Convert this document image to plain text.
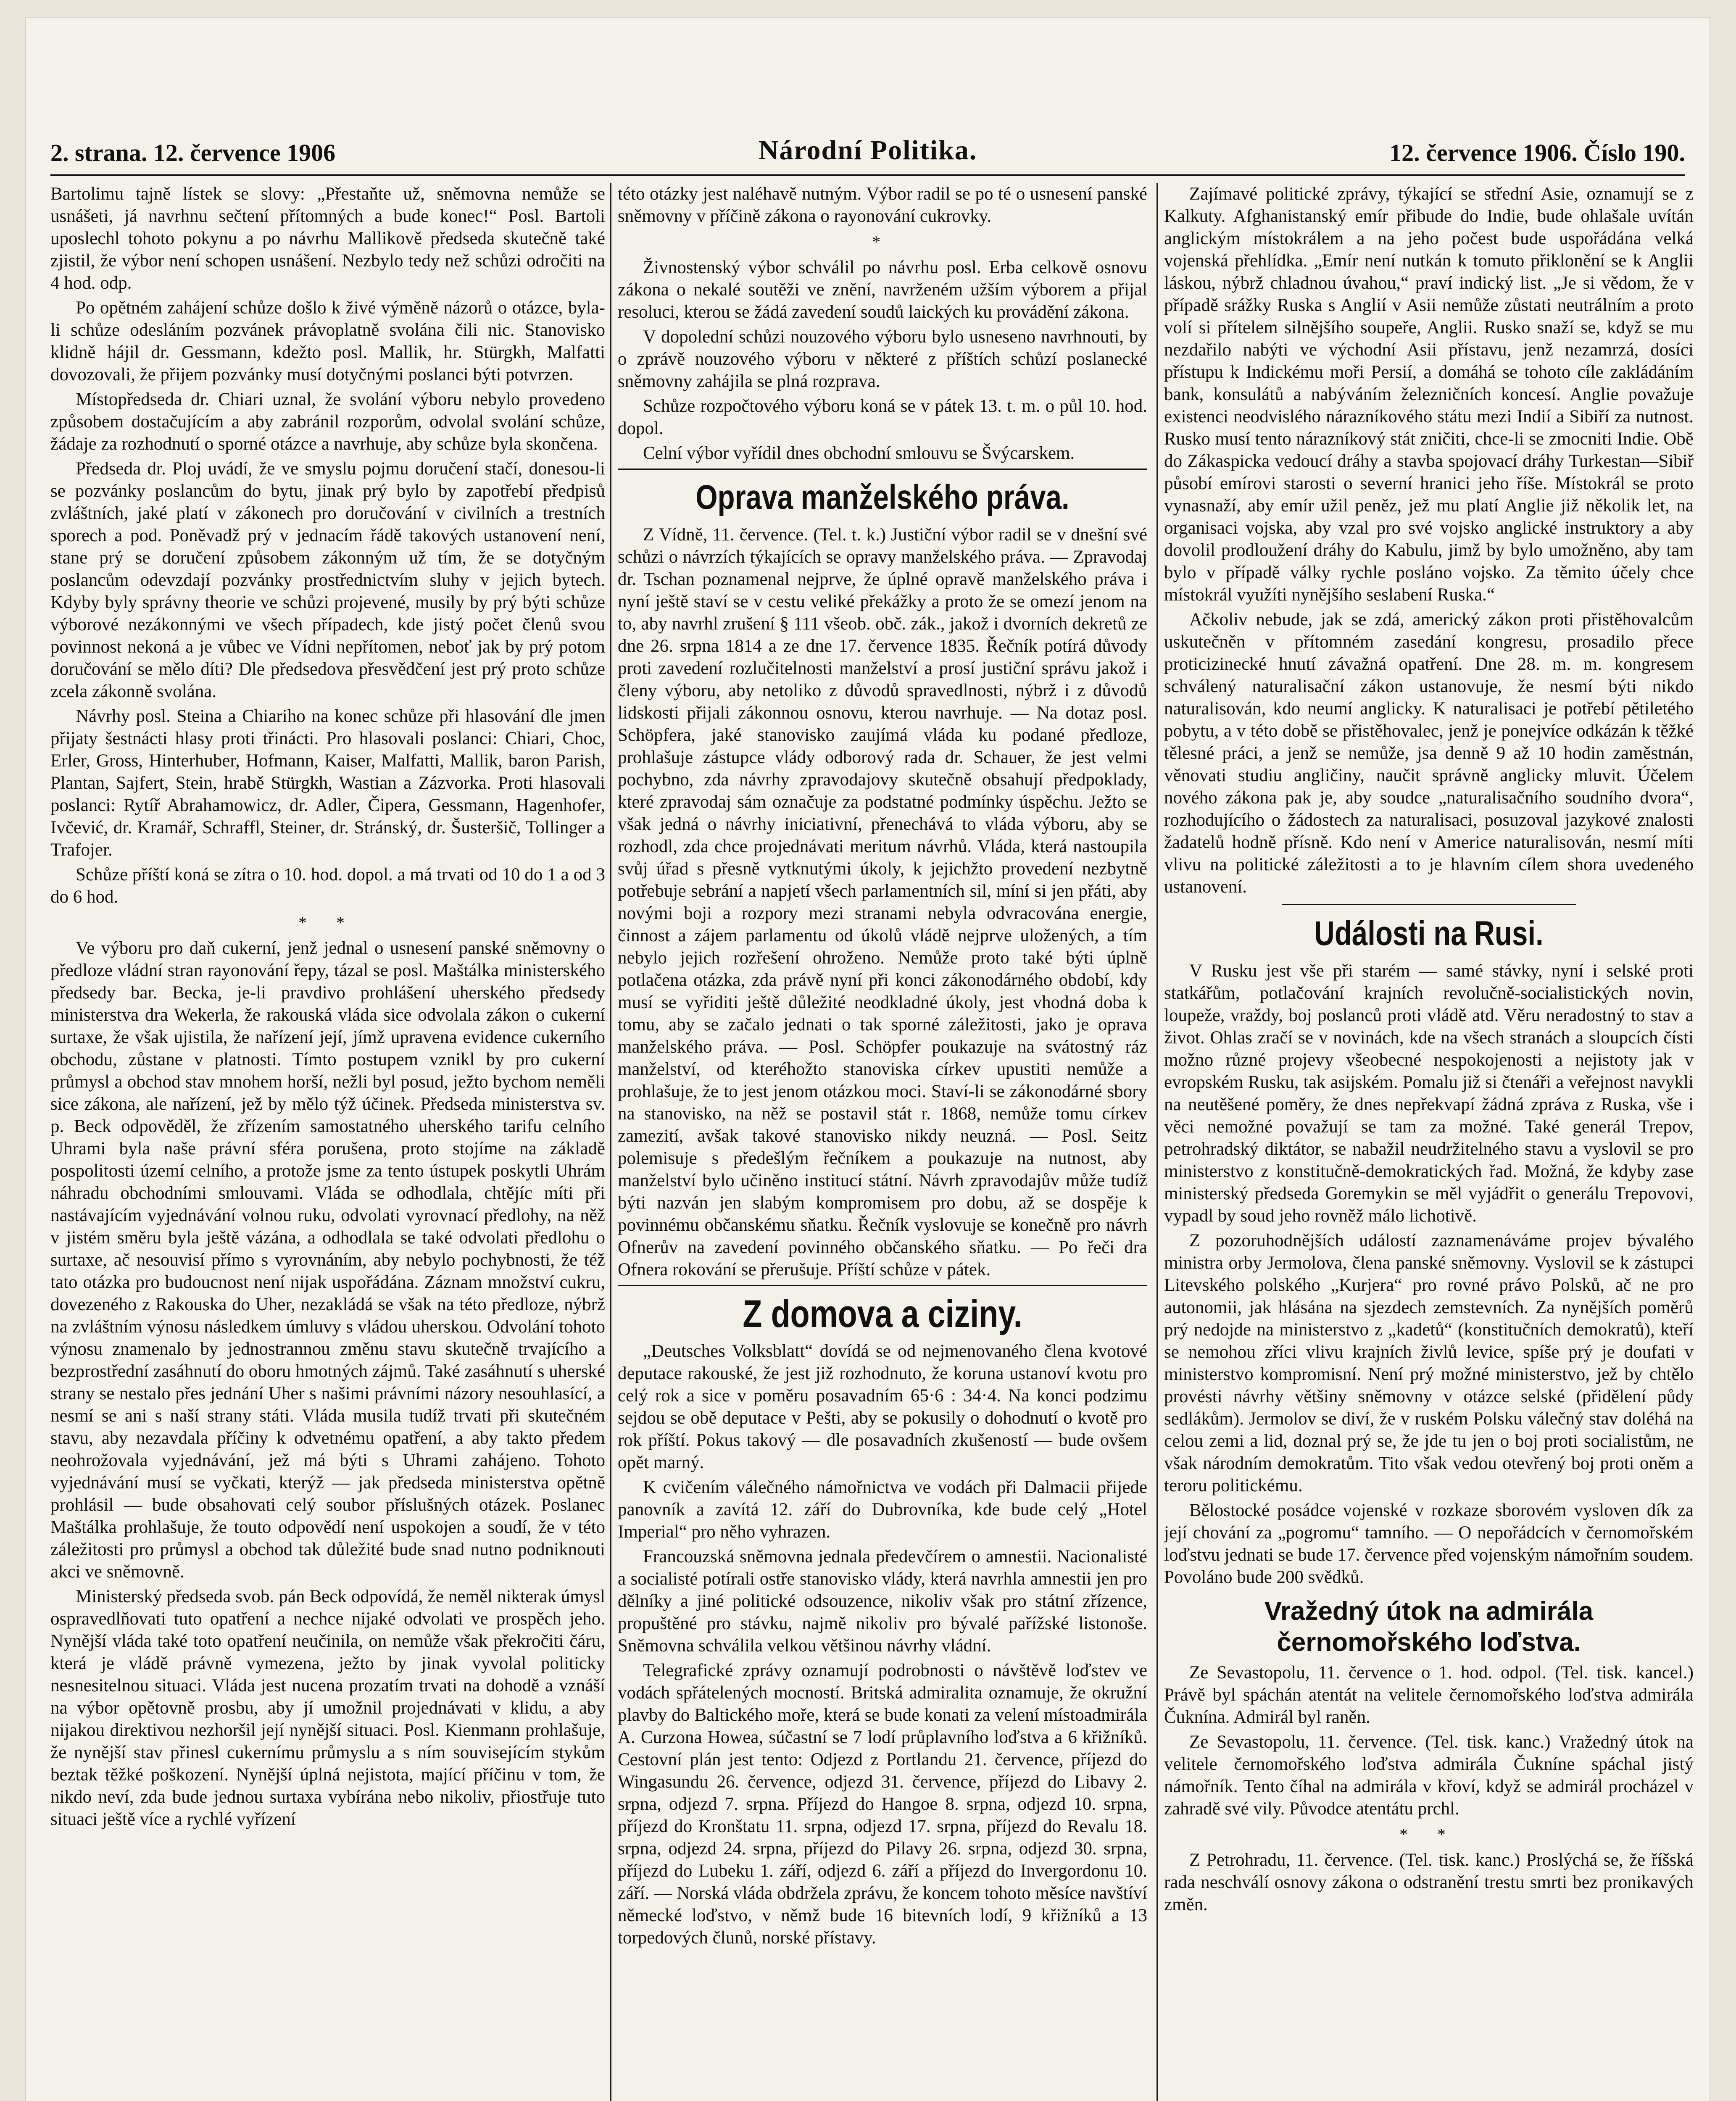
2. strana. 12. července 1906	Národní Politika.	12. července 1906. Číslo 190.

Bartolimu tajně lístek se slovy: „Přestaňte už, sněmovna nemůže se usnášeti, já navrhnu sečtení přítomných a bude konec!“ Posl. Bartoli uposlechl tohoto pokynu a po návrhu Mallikově předseda skutečně také zjistil, že výbor není schopen usnášení. Nezbylo tedy než schůzi odročiti na 4 hod. odp.

Po opětném zahájení schůze došlo k živé výměně názorů o otázce, byla-li schůze odesláním pozvánek právoplatně svolána čili nic. Stanovisko klidně hájil dr. Gessmann, kdežto posl. Mallik, hr. Stürgkh, Malfatti dovozovali, že přijem pozvánky musí dotyčnými poslanci býti potvrzen.

Místopředseda dr. Chiari uznal, že svolání výboru nebylo provedeno způsobem dostačujícím a aby zabránil rozporům, odvolal svolání schůze, žádaje za rozhodnutí o sporné otázce a navrhuje, aby schůze byla skončena.

Předseda dr. Ploj uvádí, že ve smyslu pojmu doručení stačí, donesou-li se pozvánky poslancům do bytu, jinak prý bylo by zapotřebí předpisů zvláštních, jaké platí v zákonech pro doručování v civilních a trestních sporech a pod. Poněvadž prý v jednacím řádě takových ustanovení není, stane prý se doručení způsobem zákonným už tím, že se dotyčným poslancům odevzdají pozvánky prostřednictvím sluhy v jejich bytech. Kdyby byly správny theorie ve schůzi projevené, musily by prý býti schůze výborové nezákonnými ve všech případech, kde jistý počet členů svou povinnost nekoná a je vůbec ve Vídni nepřítomen, neboť jak by prý potom doručování se mělo díti? Dle předsedova přesvědčení jest prý proto schůze zcela zákonně svolána.

Návrhy posl. Steina a Chiariho na konec schůze při hlasování dle jmen přijaty šestnácti hlasy proti třinácti. Pro hlasovali poslanci: Chiari, Choc, Erler, Gross, Hinterhuber, Hofmann, Kaiser, Malfatti, Mallik, baron Parish, Plantan, Sajfert, Stein, hrabě Stürgkh, Wastian a Zázvorka. Proti hlasovali poslanci: Rytíř Abrahamowicz, dr. Adler, Čipera, Gessmann, Hagenhofer, Ivčević, dr. Kramář, Schraffl, Steiner, dr. Stránský, dr. Šusteršič, Tollinger a Trafojer.

Schůze příští koná se zítra o 10. hod. dopol. a má trvati od 10 do 1 a od 3 do 6 hod.

* *

Ve výboru pro daň cukerní, jenž jednal o usnesení panské sněmovny o předloze vládní stran rayonování řepy, tázal se posl. Maštálka ministerského předsedy bar. Becka, je-li pravdivo prohlášení uherského předsedy ministerstva dra Wekerla, že rakouská vláda sice odvolala zákon o cukerní surtaxe, že však ujistila, že nařízení její, jímž upravena evidence cukerního obchodu, zůstane v platnosti. Tímto postupem vznikl by pro cukerní průmysl a obchod stav mnohem horší, nežli byl posud, ježto bychom neměli sice zákona, ale nařízení, jež by mělo týž účinek. Předseda ministerstva sv. p. Beck odpověděl, že zřízením samostatného uherského tarifu celního Uhrami byla naše právní sféra porušena, proto stojíme na základě pospolitosti území celního, a protože jsme za tento ústupek poskytli Uhrám náhradu obchodními smlouvami. Vláda se odhodlala, chtějíc míti při nastávajícím vyjednávání volnou ruku, odvolati vyrovnací předlohy, na něž v jistém směru byla ještě vázána, a odhodlala se také odvolati předlohu o surtaxe, ač nesouvisí přímo s vyrovnáním, aby nebylo pochybnosti, že též tato otázka pro budoucnost není nijak uspořádána. Záznam množství cukru, dovezeného z Rakouska do Uher, nezakládá se však na této předloze, nýbrž na zvláštním výnosu následkem úmluvy s vládou uherskou. Odvolání tohoto výnosu znamenalo by jednostrannou změnu stavu skutečně trvajícího a bezprostřední zasáhnutí do oboru hmotných zájmů. Také zasáhnutí s uherské strany se nestalo přes jednání Uher s našimi právními názory nesouhlasící, a nesmí se ani s naší strany státi. Vláda musila tudíž trvati při skutečném stavu, aby nezavdala příčiny k odvetnému opatření, a aby takto předem neohrožovala vyjednávání, jež má býti s Uhrami zahájeno. Tohoto vyjednávání musí se vyčkati, kterýž — jak předseda ministerstva opětně prohlásil — bude obsahovati celý soubor příslušných otázek. Poslanec Maštálka prohlašuje, že touto odpovědí není uspokojen a soudí, že v této záležitosti pro průmysl a obchod tak důležité bude snad nutno podniknouti akci ve sněmovně.

Ministerský předseda svob. pán Beck odpovídá, že neměl nikterak úmysl ospravedlňovati tuto opatření a nechce nijaké odvolati ve prospěch jeho. Nynější vláda také toto opatření neučinila, on nemůže však překročiti čáru, která je vládě právně vymezena, ježto by jinak vyvolal politicky nesnesitelnou situaci. Vláda jest nucena prozatím trvati na dohodě a vznáší na výbor opětovně prosbu, aby jí umožnil projednávati v klidu, a aby nijakou direktivou nezhoršil její nynější situaci. Posl. Kienmann prohlašuje, že nynější stav přinesl cukernímu průmyslu a s ním souvisejícím stykům beztak těžké poškození. Nynější úplná nejistota, mající příčinu v tom, že nikdo neví, zda bude jednou surtaxa vybírána nebo nikoliv, přiostřuje tuto situaci ještě více a rychlé vyřízení

této otázky jest naléhavě nutným. Výbor radil se po té o usnesení panské sněmovny v příčině zákona o rayonování cukrovky.

*

Živnostenský výbor schválil po návrhu posl. Erba celkově osnovu zákona o nekalé soutěži ve znění, navrženém užším výborem a přijal resoluci, kterou se žádá zavedení soudů laických ku provádění zákona.

V dopolední schůzi nouzového výboru bylo usneseno navrhnouti, by o zprávě nouzového výboru v některé z příštích schůzí poslanecké sněmovny zahájila se plná rozprava.

Schůze rozpočtového výboru koná se v pátek 13. t. m. o půl 10. hod. dopol.

Celní výbor vyřídil dnes obchodní smlouvu se Švýcarskem.

Oprava manželského práva.

Z Vídně, 11. července. (Tel. t. k.) Justiční výbor radil se v dnešní své schůzi o návrzích týkajících se opravy manželského práva. — Zpravodaj dr. Tschan poznamenal nejprve, že úplné opravě manželského práva i nyní ještě staví se v cestu veliké překážky a proto že se omezí jenom na to, aby navrhl zrušení § 111 všeob. obč. zák., jakož i dvorních dekretů ze dne 26. srpna 1814 a ze dne 17. července 1835. Řečník potírá důvody proti zavedení rozlučitelnosti manželství a prosí justiční správu jakož i členy výboru, aby netoliko z důvodů spravedlnosti, nýbrž i z důvodů lidskosti přijali zákonnou osnovu, kterou navrhuje. — Na dotaz posl. Schöpfera, jaké stanovisko zaujímá vláda ku podané předloze, prohlašuje zástupce vlády odborový rada dr. Schauer, že jest velmi pochybno, zda návrhy zpravodajovy skutečně obsahují předpoklady, které zpravodaj sám označuje za podstatné podmínky úspěchu. Ježto se však jedná o návrhy iniciativní, přenechává to vláda výboru, aby se rozhodl, zda chce projednávati meritum návrhů. Vláda, která nastoupila svůj úřad s přesně vytknutými úkoly, k jejichžto provedení nezbytně potřebuje sebrání a napjetí všech parlamentních sil, míní si jen přáti, aby novými boji a rozpory mezi stranami nebyla odvracována energie, činnost a zájem parlamentu od úkolů vládě nejprve uložených, a tím nebylo jejich rozřešení ohroženo. Nemůže proto také býti úplně potlačena otázka, zda právě nyní při konci zákonodárného období, kdy musí se vyřiditi ještě důležité neodkladné úkoly, jest vhodná doba k tomu, aby se začalo jednati o tak sporné záležitosti, jako je oprava manželského práva. — Posl. Schöpfer poukazuje na svátostný ráz manželství, od kteréhožto stanoviska církev upustiti nemůže a prohlašuje, že to jest jenom otázkou moci. Staví-li se zákonodárné sbory na stanovisko, na něž se postavil stát r. 1868, nemůže tomu církev zamezití, avšak takové stanovisko nikdy neuzná. — Posl. Seitz polemisuje s předešlým řečníkem a poukazuje na nutnost, aby manželství bylo učiněno institucí státní. Návrh zpravodajův může tudíž býti nazván jen slabým kompromisem pro dobu, až se dospěje k povinnému občanskému sňatku. Řečník vyslovuje se konečně pro návrh Ofnerův na zavedení povinného občanského sňatku. — Po řeči dra Ofnera rokování se přerušuje. Příští schůze v pátek.

Z domova a ciziny.

„Deutsches Volksblatt“ dovídá se od nejmenovaného člena kvotové deputace rakouské, že jest již rozhodnuto, že koruna ustanoví kvotu pro celý rok a sice v poměru posavadním 65·6 : 34·4. Na konci podzimu sejdou se obě deputace v Pešti, aby se pokusily o dohodnutí o kvotě pro rok příští. Pokus takový — dle posavadních zkušeností — bude ovšem opět marný.

K cvičením válečného námořnictva ve vodách při Dalmacii přijede panovník a zavítá 12. září do Dubrovníka, kde bude celý „Hotel Imperial“ pro něho vyhrazen.

Francouzská sněmovna jednala předevčírem o amnestii. Nacionalisté a socialisté potírali ostře stanovisko vlády, která navrhla amnestii jen pro dělníky a jiné politické odsouzence, nikoliv však pro státní zřízence, propuštěné pro stávku, najmě nikoliv pro bývalé pařížské listonoše. Sněmovna schválila velkou většinou návrhy vládní.

Telegrafické zprávy oznamují podrobnosti o návštěvě loďstev ve vodách spřátelených mocností. Britská admiralita oznamuje, že okružní plavby do Baltického moře, která se bude konati za velení místoadmirála A. Curzona Howea, súčastní se 7 lodí průplavního loďstva a 6 křižníků. Cestovní plán jest tento: Odjezd z Portlandu 21. července, příjezd do Wingasundu 26. července, odjezd 31. července, příjezd do Libavy 2. srpna, odjezd 7. srpna. Příjezd do Hangoe 8. srpna, odjezd 10. srpna, příjezd do Kronštatu 11. srpna, odjezd 17. srpna, příjezd do Revalu 18. srpna, odjezd 24. srpna, příjezd do Pilavy 26. srpna, odjezd 30. srpna, příjezd do Lubeku 1. září, odjezd 6. září a příjezd do Invergordonu 10. září. — Norská vláda obdržela zprávu, že koncem tohoto měsíce navštíví německé loďstvo, v němž bude 16 bitevních lodí, 9 křižníků a 13 torpedových člunů, norské přístavy.

Zajímavé politické zprávy, týkající se střední Asie, oznamují se z Kalkuty. Afghanistanský emír přibude do Indie, bude ohlašale uvítán anglickým místokrálem a na jeho počest bude uspořádána velká vojenská přehlídka. „Emír není nutkán k tomuto přiklonění se k Anglii láskou, nýbrž chladnou úvahou,“ praví indický list. „Je si vědom, že v případě srážky Ruska s Anglií v Asii nemůže zůstati neutrálním a proto volí si přítelem silnějšího soupeře, Anglii. Rusko snaží se, když se mu nezdařilo nabýti ve východní Asii přístavu, jenž nezamrzá, dosíci přístupu k Indickému moři Persií, a domáhá se tohoto cíle zakládáním bank, konsulátů a nabýváním železničních koncesí. Anglie považuje existenci neodvislého nárazníkového státu mezi Indií a Sibiří za nutnost. Rusko musí tento nárazníkový stát zničiti, chce-li se zmocniti Indie. Obě do Zákaspicka vedoucí dráhy a stavba spojovací dráhy Turkestan—Sibiř působí emírovi starosti o severní hranici jeho říše. Místokrál se proto vynasnaží, aby emír užil peněz, jež mu platí Anglie již několik let, na organisaci vojska, aby vzal pro své vojsko anglické instruktory a aby dovolil prodloužení dráhy do Kabulu, jimž by bylo umožněno, aby tam bylo v případě války rychle posláno vojsko. Za těmito účely chce místokrál využíti nynějšího seslabení Ruska.“

Ačkoliv nebude, jak se zdá, americký zákon proti přistěhovalcům uskutečněn v přítomném zasedání kongresu, prosadilo přece proticizinecké hnutí závažná opatření. Dne 28. m. m. kongresem schválený naturalisační zákon ustanovuje, že nesmí býti nikdo naturalisován, kdo neumí anglicky. K naturalisaci je potřebí pětiletého pobytu, a v této době se přistěhovalec, jenž je ponejvíce odkázán k těžké tělesné práci, a jenž se nemůže, jsa denně 9 až 10 hodin zaměstnán, věnovati studiu angličiny, naučit správně anglicky mluvit. Účelem nového zákona pak je, aby soudce „naturalisačního soudního dvora“, rozhodujícího o žádostech za naturalisaci, posuzoval jazykové znalosti žadatelů hodně přísně. Kdo není v Americe naturalisován, nesmí míti vlivu na politické záležitosti a to je hlavním cílem shora uvedeného ustanovení.

Události na Rusi.

V Rusku jest vše při starém — samé stávky, nyní i selské proti statkářům, potlačování krajních revolučně-socialistických novin, loupeže, vraždy, boj poslanců proti vládě atd. Věru neradostný to stav a život. Ohlas zračí se v novinách, kde na všech stranách a sloupcích čísti možno různé projevy všeobecné nespokojenosti a nejistoty jak v evropském Rusku, tak asijském. Pomalu již si čtenáři a veřejnost navykli na neutěšené poměry, že dnes nepřekvapí žádná zpráva z Ruska, vše i věci nemožné považují se tam za možné. Také generál Trepov, petrohradský diktátor, se nabažil neudržitelného stavu a vyslovil se pro ministerstvo z konstitučně-demokratických řad. Možná, že kdyby zase ministerský předseda Goremykin se měl vyjádřit o generálu Trepovovi, vypadl by soud jeho rovněž málo lichotivě.

Z pozoruhodnějších událostí zaznamenáváme projev bývalého ministra orby Jermolova, člena panské sněmovny. Vyslovil se k zástupci Litevského polského „Kurjera“ pro rovné právo Polsků, ač ne pro autonomii, jak hlásána na sjezdech zemstevních. Za nynějších poměrů prý nedojde na ministerstvo z „kadetů“ (konstitučních demokratů), kteří se nemohou zříci vlivu krajních živlů levice, spíše prý je doufati v ministerstvo kompromisní. Není prý možné ministerstvo, jež by chtělo provésti návrhy většiny sněmovny v otázce selské (přidělení půdy sedlákům). Jermolov se diví, že v ruském Polsku válečný stav doléhá na celou zemi a lid, doznal prý se, že jde tu jen o boj proti socialistům, ne však národním demokratům. Tito však vedou otevřený boj proti oněm a teroru politickému.

Bělostocké posádce vojenské v rozkaze sborovém vysloven dík za její chování za „pogromu“ tamního. — O nepořádcích v černomořském loďstvu jednati se bude 17. července před vojenským námořním soudem. Povoláno bude 200 svědků.

Vražedný útok na admirála černomořského loďstva.

Ze Sevastopolu, 11. července o 1. hod. odpol. (Tel. tisk. kancel.) Právě byl spáchán atentát na velitele černomořského loďstva admirála Čuknína. Admirál byl raněn.

Ze Sevastopolu, 11. července. (Tel. tisk. kanc.) Vražedný útok na velitele černomořského loďstva admirála Čukníne spáchal jistý námořník. Tento číhal na admirála v křoví, když se admirál procházel v zahradě své vily. Původce atentátu prchl.

* *

Z Petrohradu, 11. července. (Tel. tisk. kanc.) Proslýchá se, že říšská rada neschválí osnovy zákona o odstranění trestu smrti bez pronikavých změn.
